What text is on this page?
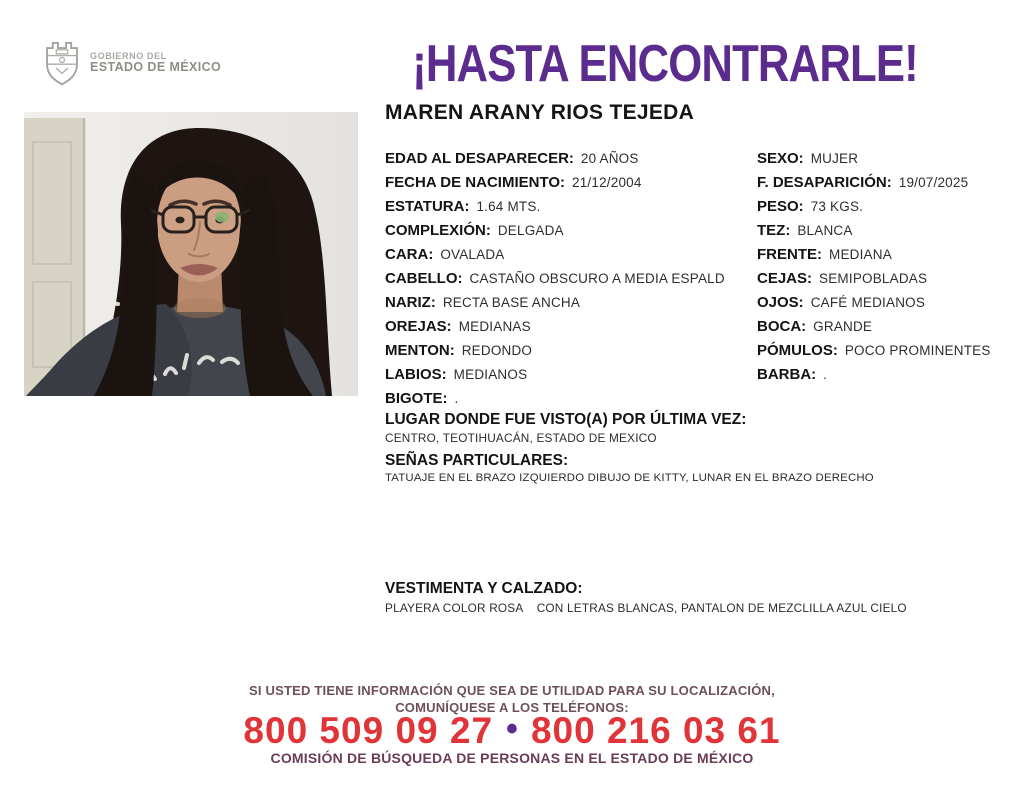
GOBIERNO DEL
ESTADO DE MÉXICO	¡HASTA ENCONTRARLE!
MAREN ARANY RIOS TEJEDA
EDAD AL DESAPARECER: 20 AÑOS
FECHA DE NACIMIENTO: 21/12/2004
ESTATURA: 1.64 MTS.
COMPLEXIÓN: DELGADA
CARA: OVALADA
CABELLO: CASTAÑO OBSCURO A MEDIA ESPALD
NARIZ: RECTA BASE ANCHA
OREJAS: MEDIANAS
MENTON: REDONDO
LABIOS: MEDIANOS
BIGOTE: .
SEXO: MUJER
F. DESAPARICIÓN: 19/07/2025
PESO: 73 KGS.
TEZ: BLANCA
FRENTE: MEDIANA
CEJAS: SEMIPOBLADAS
OJOS: CAFÉ MEDIANOS
BOCA: GRANDE
PÓMULOS: POCO PROMINENTES
BARBA: .
LUGAR DONDE FUE VISTO(A) POR ÚLTIMA VEZ:
CENTRO, TEOTIHUACÁN, ESTADO DE MEXICO
SEÑAS PARTICULARES:
TATUAJE EN EL BRAZO IZQUIERDO DIBUJO DE KITTY, LUNAR EN EL BRAZO DERECHO
VESTIMENTA Y CALZADO:
PLAYERA COLOR ROSA    CON LETRAS BLANCAS, PANTALON DE MEZCLILLA AZUL CIELO
SI USTED TIENE INFORMACIÓN QUE SEA DE UTILIDAD PARA SU LOCALIZACIÓN,
COMUNÍQUESE A LOS TELÉFONOS:
800 509 09 27 • 800 216 03 61
COMISIÓN DE BÚSQUEDA DE PERSONAS EN EL ESTADO DE MÉXICO
